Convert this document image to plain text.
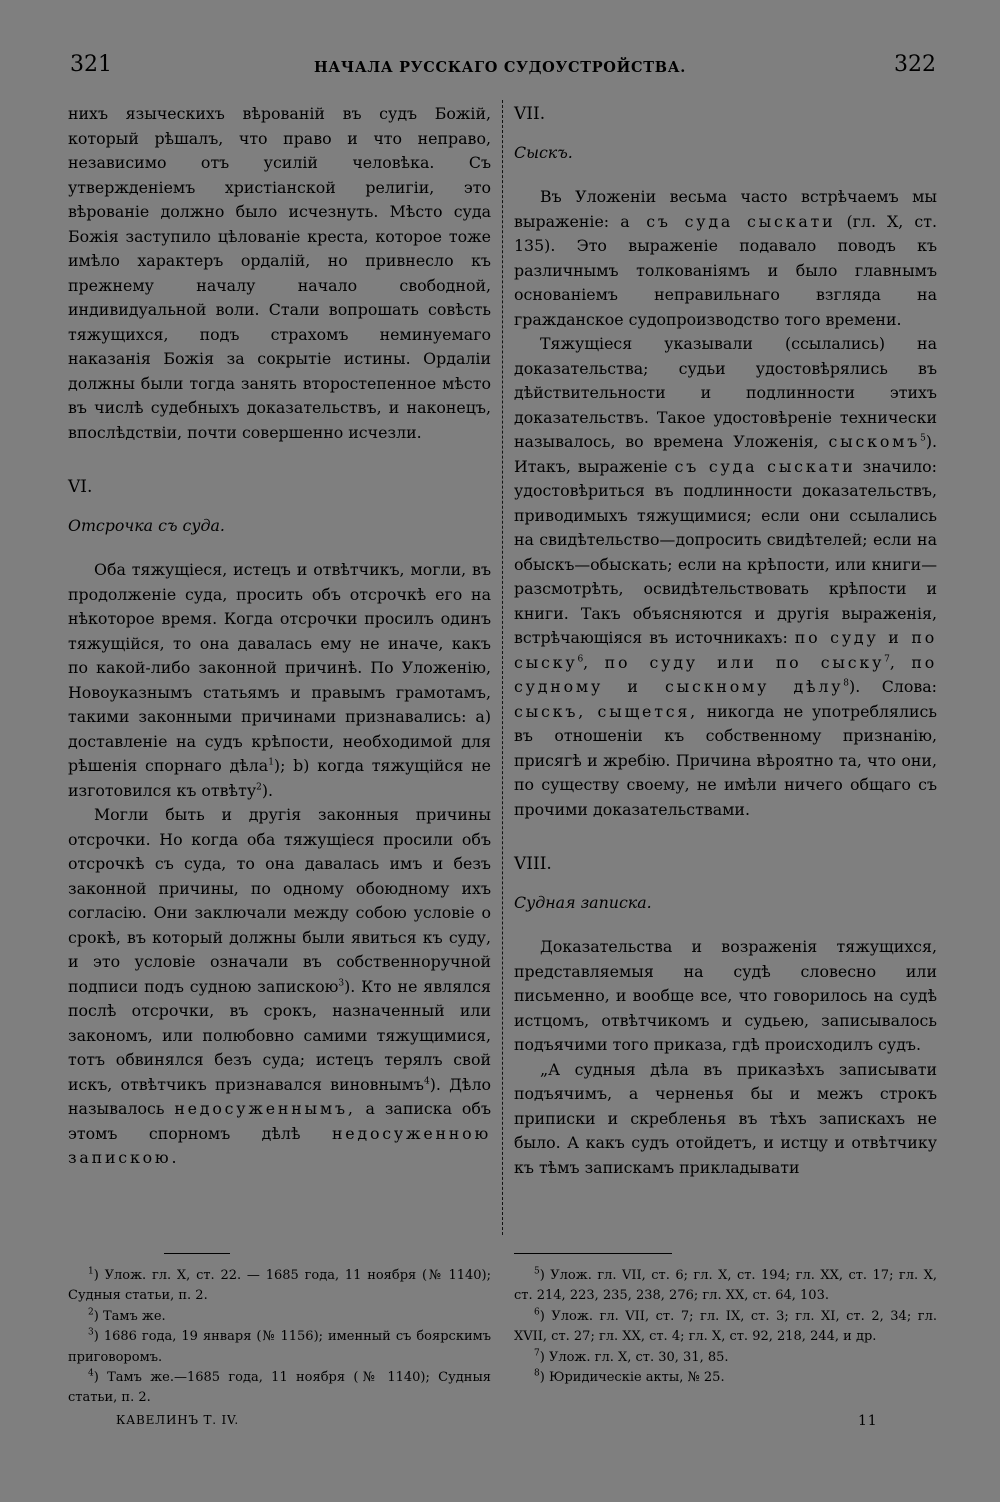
321	НАЧАЛА РУССКАГО СУДОУСТРОЙСТВА.	322

нихъ языческихъ вѣрованій въ судъ Божій, который рѣшалъ, что право и что неправо, независимо отъ усилій человѣка. Съ утвержденіемъ христіанской религіи, это вѣрованіе должно было исчезнуть. Мѣсто суда Божія заступило цѣлованіе креста, которое тоже имѣло характеръ ордалій, но привнесло къ прежнему началу начало свободной, индивидуальной воли. Стали вопрошать совѣсть тяжущихся, подъ страхомъ неминуемаго наказанія Божія за сокрытіе истины. Ордаліи должны были тогда занять второстепенное мѣсто въ числѣ судебныхъ доказательствъ, и наконецъ, впослѣдствіи, почти совершенно исчезли.

VI.

Отсрочка съ суда.

Оба тяжущіеся, истецъ и отвѣтчикъ, могли, въ продолженіе суда, просить объ отсрочкѣ его на нѣкоторое время. Когда отсрочки просилъ одинъ тяжущійся, то она давалась ему не иначе, какъ по какой-либо законной причинѣ. По Уложенію, Новоуказнымъ статьямъ и правымъ грамотамъ, такими законными причинами признавались: а) доставленіе на судъ крѣпости, необходимой для рѣшенія спорнаго дѣла$^1$); b) когда тяжущійся не изготовился къ отвѣту$^2$).

Могли быть и другія законныя причины отсрочки. Но когда оба тяжущіеся просили объ отсрочкѣ съ суда, то она давалась имъ и безъ законной причины, по одному обоюдному ихъ согласію. Они заключали между собою условіе о срокѣ, въ который должны были явиться къ суду, и это условіе означали въ собственноручной подписи подъ судною запискою$^3$). Кто не являлся послѣ отсрочки, въ срокъ, назначенный или закономъ, или полюбовно самими тяжущимися, тотъ обвинялся безъ суда; истецъ терялъ свой искъ, отвѣтчикъ признавался виновнымъ$^4$). Дѣло называлось недосуженнымъ, а записка объ этомъ спорномъ дѣлѣ недосуженною запискою.

VII.

Сыскъ.

Въ Уложеніи весьма часто встрѣчаемъ мы выраженіе: а съ суда сыскати (гл. X, ст. 135). Это выраженіе подавало поводъ къ различнымъ толкованіямъ и было главнымъ основаніемъ неправильнаго взгляда на гражданское судопроизводство того времени.

Тяжущіеся указывали (ссылались) на доказательства; судьи удостовѣрялись въ дѣйствительности и подлинности этихъ доказательствъ. Такое удостовѣреніе технически называлось, во времена Уложенія, сыскомъ$^5$). Итакъ, выраженіе съ суда сыскати значило: удостовѣриться въ подлинности доказательствъ, приводимыхъ тяжущимися; если они ссылались на свидѣтельство—допросить свидѣтелей; если на обыскъ—обыскать; если на крѣпости, или книги—разсмотрѣть, освидѣтельствовать крѣпости и книги. Такъ объясняются и другія выраженія, встрѣчающіяся въ источникахъ: по суду и по сыску$^6$, по суду или по сыску$^7$, по судному и сыскному дѣлу$^8$). Слова: сыскъ, сыщется, никогда не употреблялись въ отношеніи къ собственному признанію, присягѣ и жребію. Причина вѣроятно та, что они, по существу своему, не имѣли ничего общаго съ прочими доказательствами.

VIII.

Судная записка.

Доказательства и возраженія тяжущихся, представляемыя на судѣ словесно или письменно, и вообще все, что говорилось на судѣ истцомъ, отвѣтчикомъ и судьею, записывалось подъячими того приказа, гдѣ происходилъ судъ.

„А судныя дѣла въ приказѣхъ записывати подъячимъ, а черненья бы и межъ строкъ приписки и скребленья въ тѣхъ запискахъ не было. А какъ судъ отойдетъ, и истцу и отвѣтчику къ тѣмъ запискамъ прикладывати

$^1$) Улож. гл. X, ст. 22. — 1685 года, 11 ноября (№ 1140); Судныя статьи, п. 2.

$^2$) Тамъ же.

$^3$) 1686 года, 19 января (№ 1156); именный съ боярскимъ приговоромъ.

$^4$) Тамъ же.—1685 года, 11 ноября (№ 1140); Судныя статьи, п. 2.

$^5$) Улож. гл. VII, ст. 6; гл. X, ст. 194; гл. XX, ст. 17; гл. X, ст. 214, 223, 235, 238, 276; гл. XX, ст. 64, 103.

$^6$) Улож. гл. VII, ст. 7; гл. IX, ст. 3; гл. XI, ст. 2, 34; гл. XVII, ст. 27; гл. XX, ст. 4; гл. X, ст. 92, 218, 244, и др.

$^7$) Улож. гл. X, ст. 30, 31, 85.

$^8$) Юридическіе акты, № 25.

КАВЕЛИНЪ Т. IV.	11
